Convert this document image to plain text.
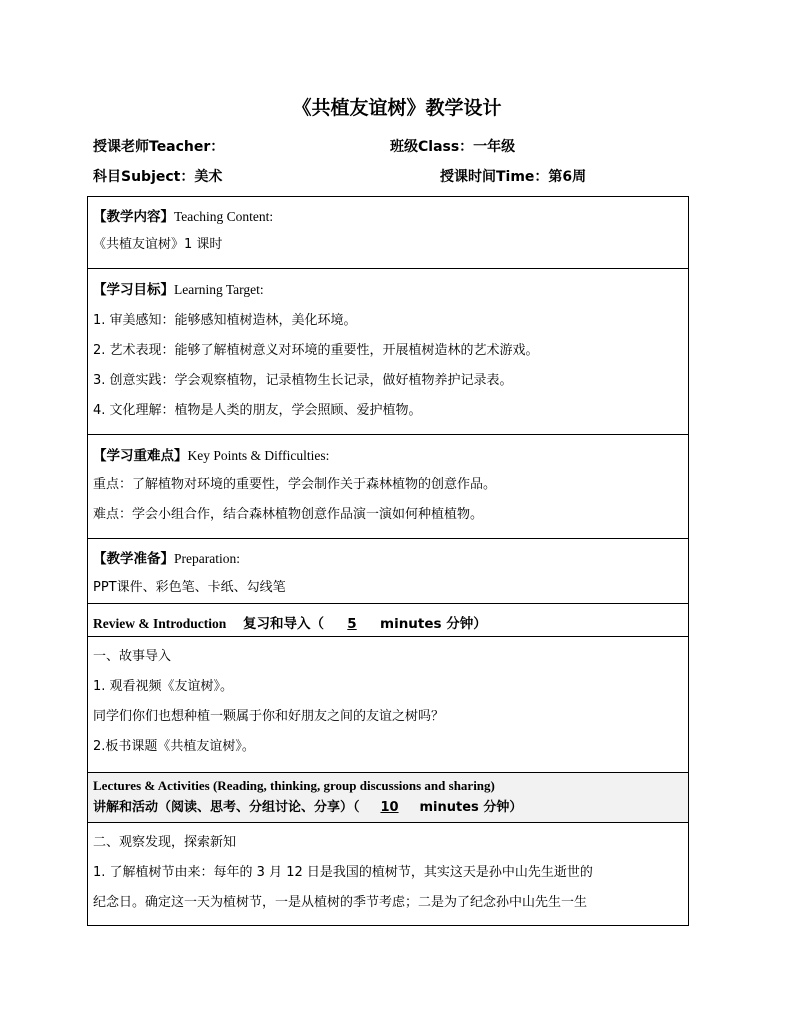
《共植友谊树》教学设计
授课老师Teacher：	班级Class：一年级
科目Subject：美术	授课时间Time：第6周
【教学内容】Teaching Content:
《共植友谊树》1 课时
【学习目标】Learning Target:
1. 审美感知：能够感知植树造林，美化环境。
2. 艺术表现：能够了解植树意义对环境的重要性，开展植树造林的艺术游戏。
3. 创意实践：学会观察植物，记录植物生长记录，做好植物养护记录表。
4. 文化理解：植物是人类的朋友，学会照顾、爱护植物。
【学习重难点】Key Points & Difficulties:
重点：了解植物对环境的重要性，学会制作关于森林植物的创意作品。
难点：学会小组合作，结合森林植物创意作品演一演如何种植植物。
【教学准备】Preparation:
PPT课件、彩色笔、卡纸、勾线笔
Review & Introduction 复习和导入（ 5 minutes 分钟）
一、故事导入
1. 观看视频《友谊树》。
同学们你们也想种植一颗属于你和好朋友之间的友谊之树吗？
2.板书课题《共植友谊树》。
Lectures & Activities (Reading, thinking, group discussions and sharing)
讲解和活动（阅读、思考、分组讨论、分享）（ 10 minutes 分钟）
二、观察发现，探索新知
1. 了解植树节由来：每年的 3 月 12 日是我国的植树节，其实这天是孙中山先生逝世的
纪念日。确定这一天为植树节，一是从植树的季节考虑；二是为了纪念孙中山先生一生
